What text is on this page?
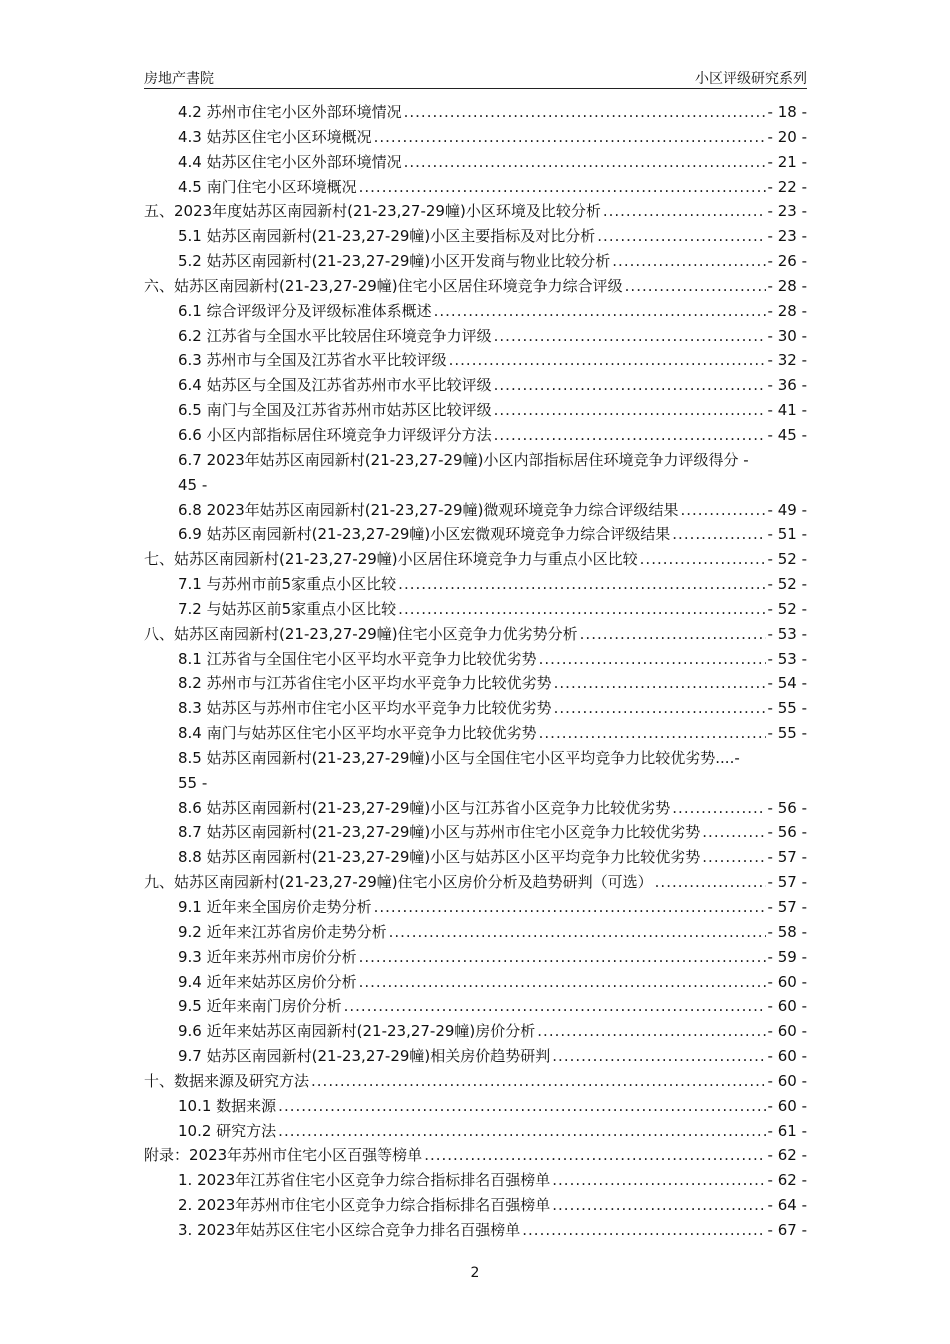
房地产書院	小区评级研究系列
4.2 苏州市住宅小区外部环境情况 .....	- 18 -
4.3 姑苏区住宅小区环境概况 .....	- 20 -
4.4 姑苏区住宅小区外部环境情况 .....	- 21 -
4.5 南门住宅小区环境概况 .....	- 22 -
五、2023年度姑苏区南园新村(21-23,27-29幢)小区环境及比较分析 .....	- 23 -
5.1 姑苏区南园新村(21-23,27-29幢)小区主要指标及对比分析 .....	- 23 -
5.2 姑苏区南园新村(21-23,27-29幢)小区开发商与物业比较分析 .....	- 26 -
六、姑苏区南园新村(21-23,27-29幢)住宅小区居住环境竞争力综合评级 .....	- 28 -
6.1 综合评级评分及评级标准体系概述 .....	- 28 -
6.2 江苏省与全国水平比较居住环境竞争力评级 .....	- 30 -
6.3 苏州市与全国及江苏省水平比较评级 .....	- 32 -
6.4 姑苏区与全国及江苏省苏州市水平比较评级 .....	- 36 -
6.5 南门与全国及江苏省苏州市姑苏区比较评级 .....	- 41 -
6.6 小区内部指标居住环境竞争力评级评分方法 .....	- 45 -
6.7 2023年姑苏区南园新村(21-23,27-29幢)小区内部指标居住环境竞争力评级得分 -
45 -
6.8 2023年姑苏区南园新村(21-23,27-29幢)微观环境竞争力综合评级结果 .....	- 49 -
6.9 姑苏区南园新村(21-23,27-29幢)小区宏微观环境竞争力综合评级结果 .....	- 51 -
七、姑苏区南园新村(21-23,27-29幢)小区居住环境竞争力与重点小区比较 .....	- 52 -
7.1 与苏州市前5家重点小区比较 .....	- 52 -
7.2 与姑苏区前5家重点小区比较 .....	- 52 -
八、姑苏区南园新村(21-23,27-29幢)住宅小区竞争力优劣势分析 .....	- 53 -
8.1 江苏省与全国住宅小区平均水平竞争力比较优劣势 .....	- 53 -
8.2 苏州市与江苏省住宅小区平均水平竞争力比较优劣势 .....	- 54 -
8.3 姑苏区与苏州市住宅小区平均水平竞争力比较优劣势 .....	- 55 -
8.4 南门与姑苏区住宅小区平均水平竞争力比较优劣势 .....	- 55 -
8.5 姑苏区南园新村(21-23,27-29幢)小区与全国住宅小区平均竞争力比较优劣势....-
55 -
8.6 姑苏区南园新村(21-23,27-29幢)小区与江苏省小区竞争力比较优劣势 .....	- 56 -
8.7 姑苏区南园新村(21-23,27-29幢)小区与苏州市住宅小区竞争力比较优劣势 .....	- 56 -
8.8 姑苏区南园新村(21-23,27-29幢)小区与姑苏区小区平均竞争力比较优劣势 .....	- 57 -
九、姑苏区南园新村(21-23,27-29幢)住宅小区房价分析及趋势研判（可选） .....	- 57 -
9.1 近年来全国房价走势分析 .....	- 57 -
9.2 近年来江苏省房价走势分析 .....	- 58 -
9.3 近年来苏州市房价分析 .....	- 59 -
9.4 近年来姑苏区房价分析 .....	- 60 -
9.5 近年来南门房价分析 .....	- 60 -
9.6 近年来姑苏区南园新村(21-23,27-29幢)房价分析 .....	- 60 -
9.7 姑苏区南园新村(21-23,27-29幢)相关房价趋势研判 .....	- 60 -
十、数据来源及研究方法 .....	- 60 -
10.1 数据来源 .....	- 60 -
10.2 研究方法 .....	- 61 -
附录：2023年苏州市住宅小区百强等榜单 .....	- 62 -
1. 2023年江苏省住宅小区竞争力综合指标排名百强榜单 .....	- 62 -
2. 2023年苏州市住宅小区竞争力综合指标排名百强榜单 .....	- 64 -
3. 2023年姑苏区住宅小区综合竞争力排名百强榜单 .....	- 67 -
2
